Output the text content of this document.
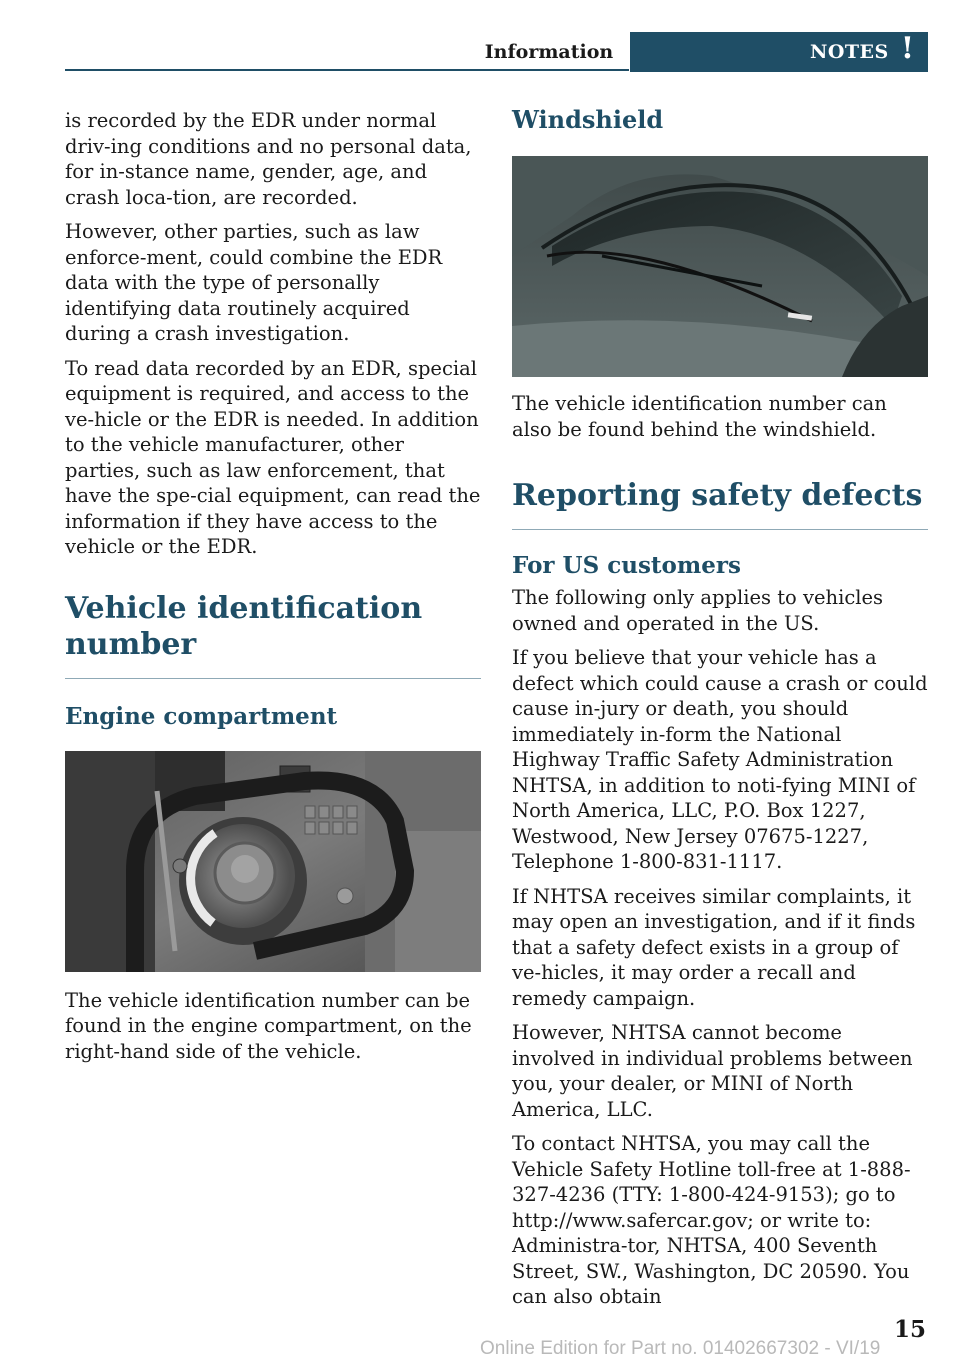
Information	NOTES !

is recorded by the EDR under normal driv-ing conditions and no personal data, for in-stance name, gender, age, and crash loca-tion, are recorded.

However, other parties, such as law enforce-ment, could combine the EDR data with the type of personally identifying data routinely acquired during a crash investigation.

To read data recorded by an EDR, special equipment is required, and access to the ve-hicle or the EDR is needed. In addition to the vehicle manufacturer, other parties, such as law enforcement, that have the spe-cial equipment, can read the information if they have access to the vehicle or the EDR.

Vehicle identification number
Engine compartment

The vehicle identification number can be found in the engine compartment, on the right-hand side of the vehicle.

Windshield

The vehicle identification number can also be found behind the windshield.

Reporting safety defects
For US customers

The following only applies to vehicles owned and operated in the US.

If you believe that your vehicle has a defect which could cause a crash or could cause in-jury or death, you should immediately in-form the National Highway Traffic Safety Administration NHTSA, in addition to noti-fying MINI of North America, LLC, P.O. Box 1227, Westwood, New Jersey 07675-1227, Telephone 1-800-831-1117.

If NHTSA receives similar complaints, it may open an investigation, and if it finds that a safety defect exists in a group of ve-hicles, it may order a recall and remedy campaign.

However, NHTSA cannot become involved in individual problems between you, your dealer, or MINI of North America, LLC.

To contact NHTSA, you may call the Vehicle Safety Hotline toll-free at 1-888-327-4236 (TTY: 1-800-424-9153); go to http://www.safercar.gov; or write to: Administra-tor, NHTSA, 400 Seventh Street, SW., Washington, DC 20590. You can also obtain

Online Edition for Part no. 01402667302 - VI/19
15
